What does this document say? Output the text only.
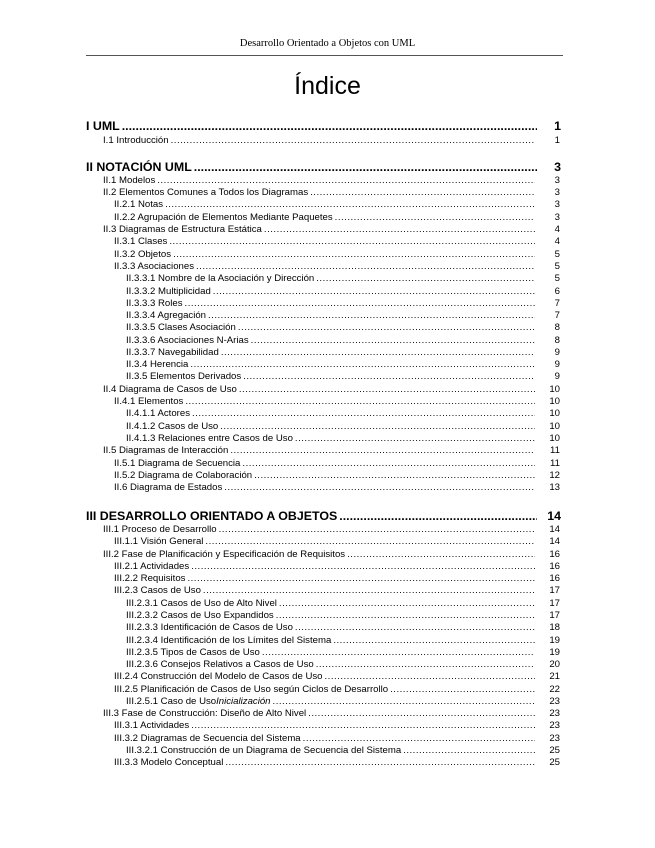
Desarrollo Orientado a Objetos con UML
Índice
I UML .....	1
I.1 Introducción .....	1
II NOTACIÓN UML .....	3
II.1 Modelos .....	3
II.2 Elementos Comunes a Todos los Diagramas .....	3
II.2.1 Notas .....	3
II.2.2 Agrupación de Elementos Mediante Paquetes .....	3
II.3 Diagramas de Estructura Estática .....	4
II.3.1 Clases .....	4
II.3.2 Objetos .....	5
II.3.3 Asociaciones .....	5
II.3.3.1 Nombre de la Asociación y Dirección .....	5
II.3.3.2 Multiplicidad .....	6
II.3.3.3 Roles .....	7
II.3.3.4 Agregación .....	7
II.3.3.5 Clases Asociación .....	8
II.3.3.6 Asociaciones N-Arias .....	8
II.3.3.7 Navegabilidad .....	9
II.3.4 Herencia .....	9
II.3.5 Elementos Derivados .....	9
II.4 Diagrama de Casos de Uso .....	10
II.4.1 Elementos .....	10
II.4.1.1 Actores .....	10
II.4.1.2 Casos de Uso .....	10
II.4.1.3 Relaciones entre Casos de Uso .....	10
II.5 Diagramas de Interacción .....	11
II.5.1 Diagrama de Secuencia .....	11
II.5.2 Diagrama de Colaboración .....	12
II.6 Diagrama de Estados .....	13
III DESARROLLO ORIENTADO A OBJETOS .....	14
III.1 Proceso de Desarrollo .....	14
III.1.1 Visión General .....	14
III.2 Fase de Planificación y Especificación de Requisitos .....	16
III.2.1 Actividades .....	16
III.2.2 Requisitos .....	16
III.2.3 Casos de Uso .....	17
III.2.3.1 Casos de Uso de Alto Nivel .....	17
III.2.3.2 Casos de Uso Expandidos .....	17
III.2.3.3 Identificación de Casos de Uso .....	18
III.2.3.4 Identificación de los Límites del Sistema .....	19
III.2.3.5 Tipos de Casos de Uso .....	19
III.2.3.6 Consejos Relativos a Casos de Uso .....	20
III.2.4 Construcción del Modelo de Casos de Uso .....	21
III.2.5 Planificación de Casos de Uso según Ciclos de Desarrollo .....	22
III.2.5.1 Caso de Uso Inicialización .....	23
III.3 Fase de Construcción: Diseño de Alto Nivel .....	23
III.3.1 Actividades .....	23
III.3.2 Diagramas de Secuencia del Sistema .....	23
III.3.2.1 Construcción de un Diagrama de Secuencia del Sistema .....	25
III.3.3 Modelo Conceptual .....	25
